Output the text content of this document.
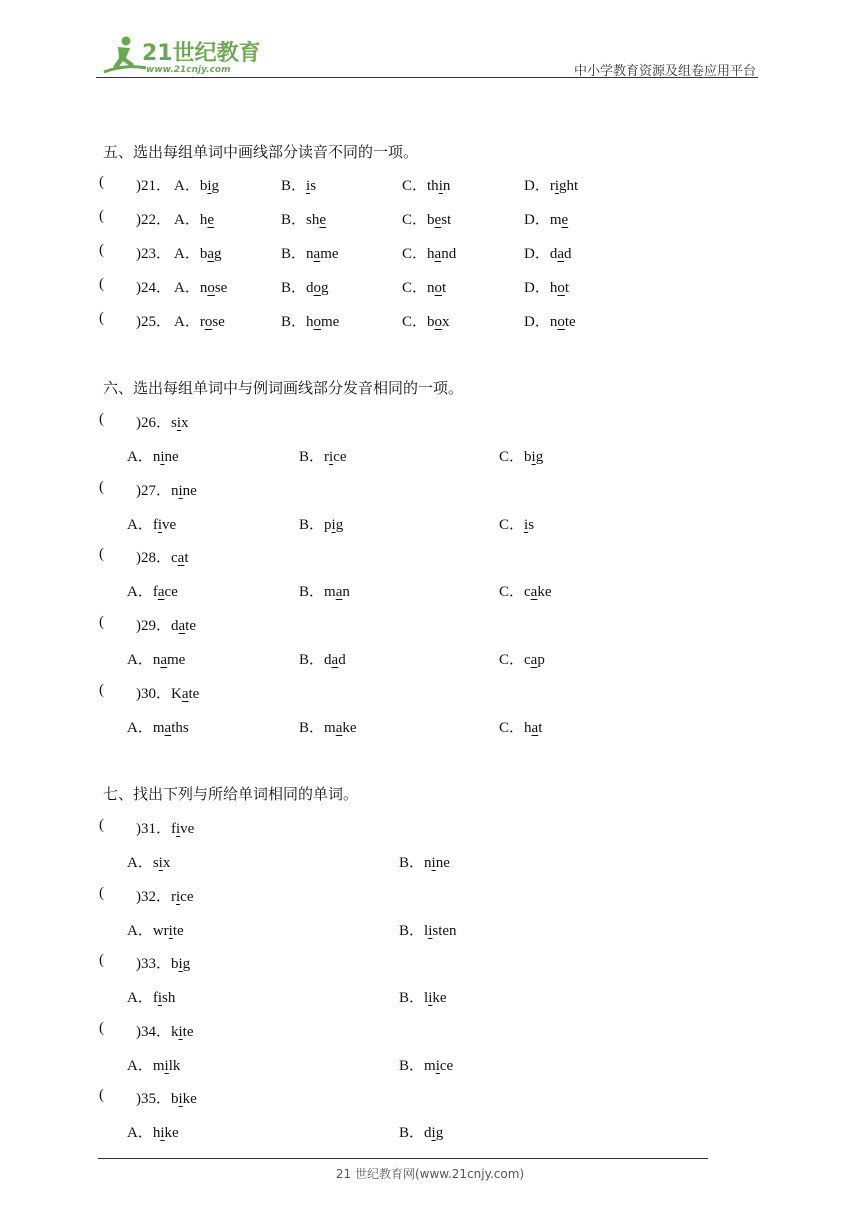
21世纪教育
www.21cnjy.com	中小学教育资源及组卷应用平台
五、选出每组单词中画线部分读音不同的一项。
( )21． A．big	B．is	C．thin	D．right
( )22． A．he	B．she	C．best	D．me
( )23． A．bag	B．name	C．hand	D．dad
( )24． A．nose	B．dog	C．not	D．hot
( )25． A．rose	B．home	C．box	D．note
六、选出每组单词中与例词画线部分发音相同的一项。
( )26．six
A．nine	B．rice	C．big
( )27．nine
A．five	B．pig	C．is
( )28．cat
A．face	B．man	C．cake
( )29．date
A．name	B．dad	C．cap
( )30．Kate
A．maths	B．make	C．hat
七、找出下列与所给单词相同的单词。
( )31．five
A．six	B．nine
( )32．rice
A．write	B．listen
( )33．big
A．fish	B．like
( )34．kite
A．milk	B．mice
( )35．bike
A．hike	B．dig
21 世纪教育网(www.21cnjy.com)
